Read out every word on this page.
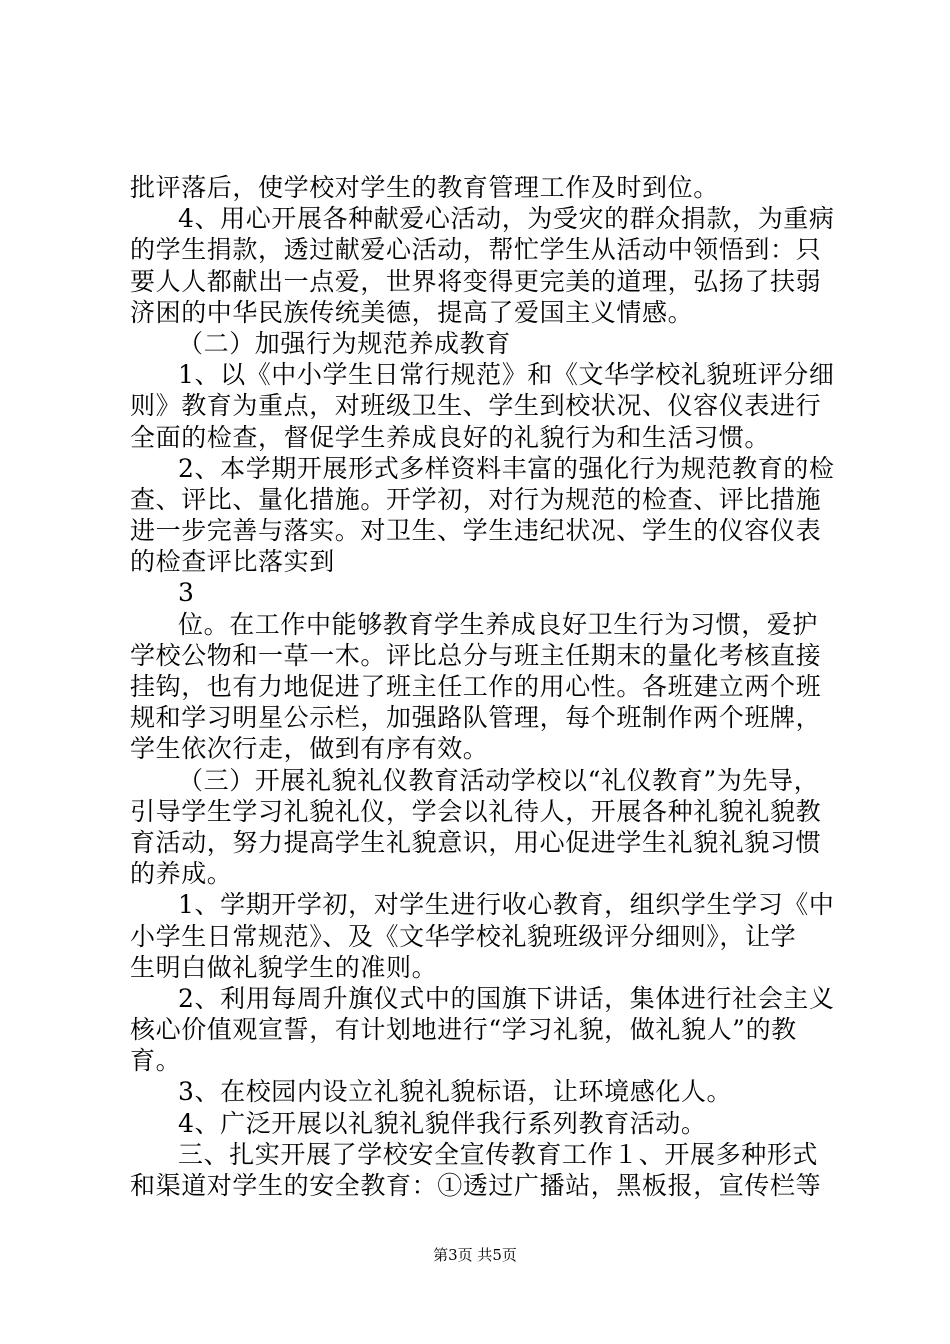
批评落后，使学校对学生的教育管理工作及时到位。
4、用心开展各种献爱心活动，为受灾的群众捐款，为重病
的学生捐款，透过献爱心活动，帮忙学生从活动中领悟到：只
要人人都献出一点爱，世界将变得更完美的道理，弘扬了扶弱
济困的中华民族传统美德，提高了爱国主义情感。
（二）加强行为规范养成教育
1、以《中小学生日常行规范》和《文华学校礼貌班评分细
则》教育为重点，对班级卫生、学生到校状况、仪容仪表进行
全面的检查，督促学生养成良好的礼貌行为和生活习惯。
2、本学期开展形式多样资料丰富的强化行为规范教育的检
查、评比、量化措施。开学初，对行为规范的检查、评比措施
进一步完善与落实。对卫生、学生违纪状况、学生的仪容仪表
的检查评比落实到
3
位。在工作中能够教育学生养成良好卫生行为习惯，爱护
学校公物和一草一木。评比总分与班主任期末的量化考核直接
挂钩，也有力地促进了班主任工作的用心性。各班建立两个班
规和学习明星公示栏，加强路队管理，每个班制作两个班牌，
学生依次行走，做到有序有效。
（三）开展礼貌礼仪教育活动学校以“礼仪教育”为先导，
引导学生学习礼貌礼仪，学会以礼待人，开展各种礼貌礼貌教
育活动，努力提高学生礼貌意识，用心促进学生礼貌礼貌习惯
的养成。
1、学期开学初，对学生进行收心教育，组织学生学习《中
小学生日常规范》、及《文华学校礼貌班级评分细则》，让学
生明白做礼貌学生的准则。
2、利用每周升旗仪式中的国旗下讲话，集体进行社会主义
核心价值观宣誓，有计划地进行“学习礼貌，做礼貌人”的教
育。
3、在校园内设立礼貌礼貌标语，让环境感化人。
4、广泛开展以礼貌礼貌伴我行系列教育活动。
三、扎实开展了学校安全宣传教育工作１、开展多种形式
和渠道对学生的安全教育：①透过广播站，黑板报，宣传栏等
第3页 共5页
